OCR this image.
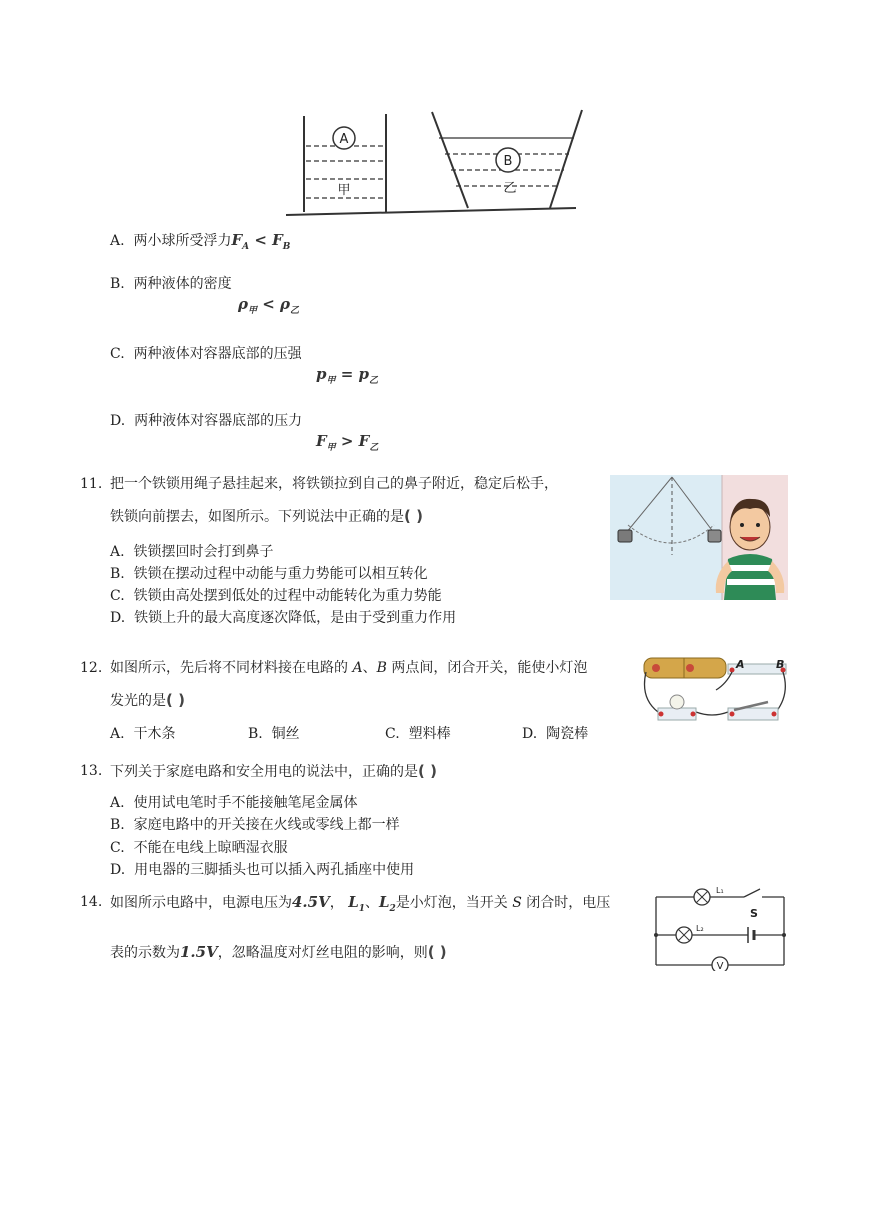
A
甲
B
乙
A. 两小球所受浮力$F_A < F_B$
B. 两种液体的密度
$\rho_甲 < \rho_乙$
C. 两种液体对容器底部的压强
$p_甲 = p_乙$
D. 两种液体对容器底部的压力
$F_甲 > F_乙$
11. 把一个铁锁用绳子悬挂起来，将铁锁拉到自己的鼻子附近，稳定后松手，
铁锁向前摆去，如图所示。下列说法中正确的是( )
A. 铁锁摆回时会打到鼻子
B. 铁锁在摆动过程中动能与重力势能可以相互转化
C. 铁锁由高处摆到低处的过程中动能转化为重力势能
D. 铁锁上升的最大高度逐次降低，是由于受到重力作用
12. 如图所示，先后将不同材料接在电路的 A、B 两点间，闭合开关，能使小灯泡
发光的是( )
A. 干木条	B. 铜丝	C. 塑料棒	D. 陶瓷棒
A	B
13. 下列关于家庭电路和安全用电的说法中，正确的是( )
A. 使用试电笔时手不能接触笔尾金属体
B. 家庭电路中的开关接在火线或零线上都一样
C. 不能在电线上晾晒湿衣服
D. 用电器的三脚插头也可以插入两孔插座中使用
14. 如图所示电路中，电源电压为4.5V， $L_1$、$L_2$是小灯泡，当开关 S 闭合时，电压
表的示数为1.5V，忽略温度对灯丝电阻的影响，则( )
L₁
S
L₂
V
